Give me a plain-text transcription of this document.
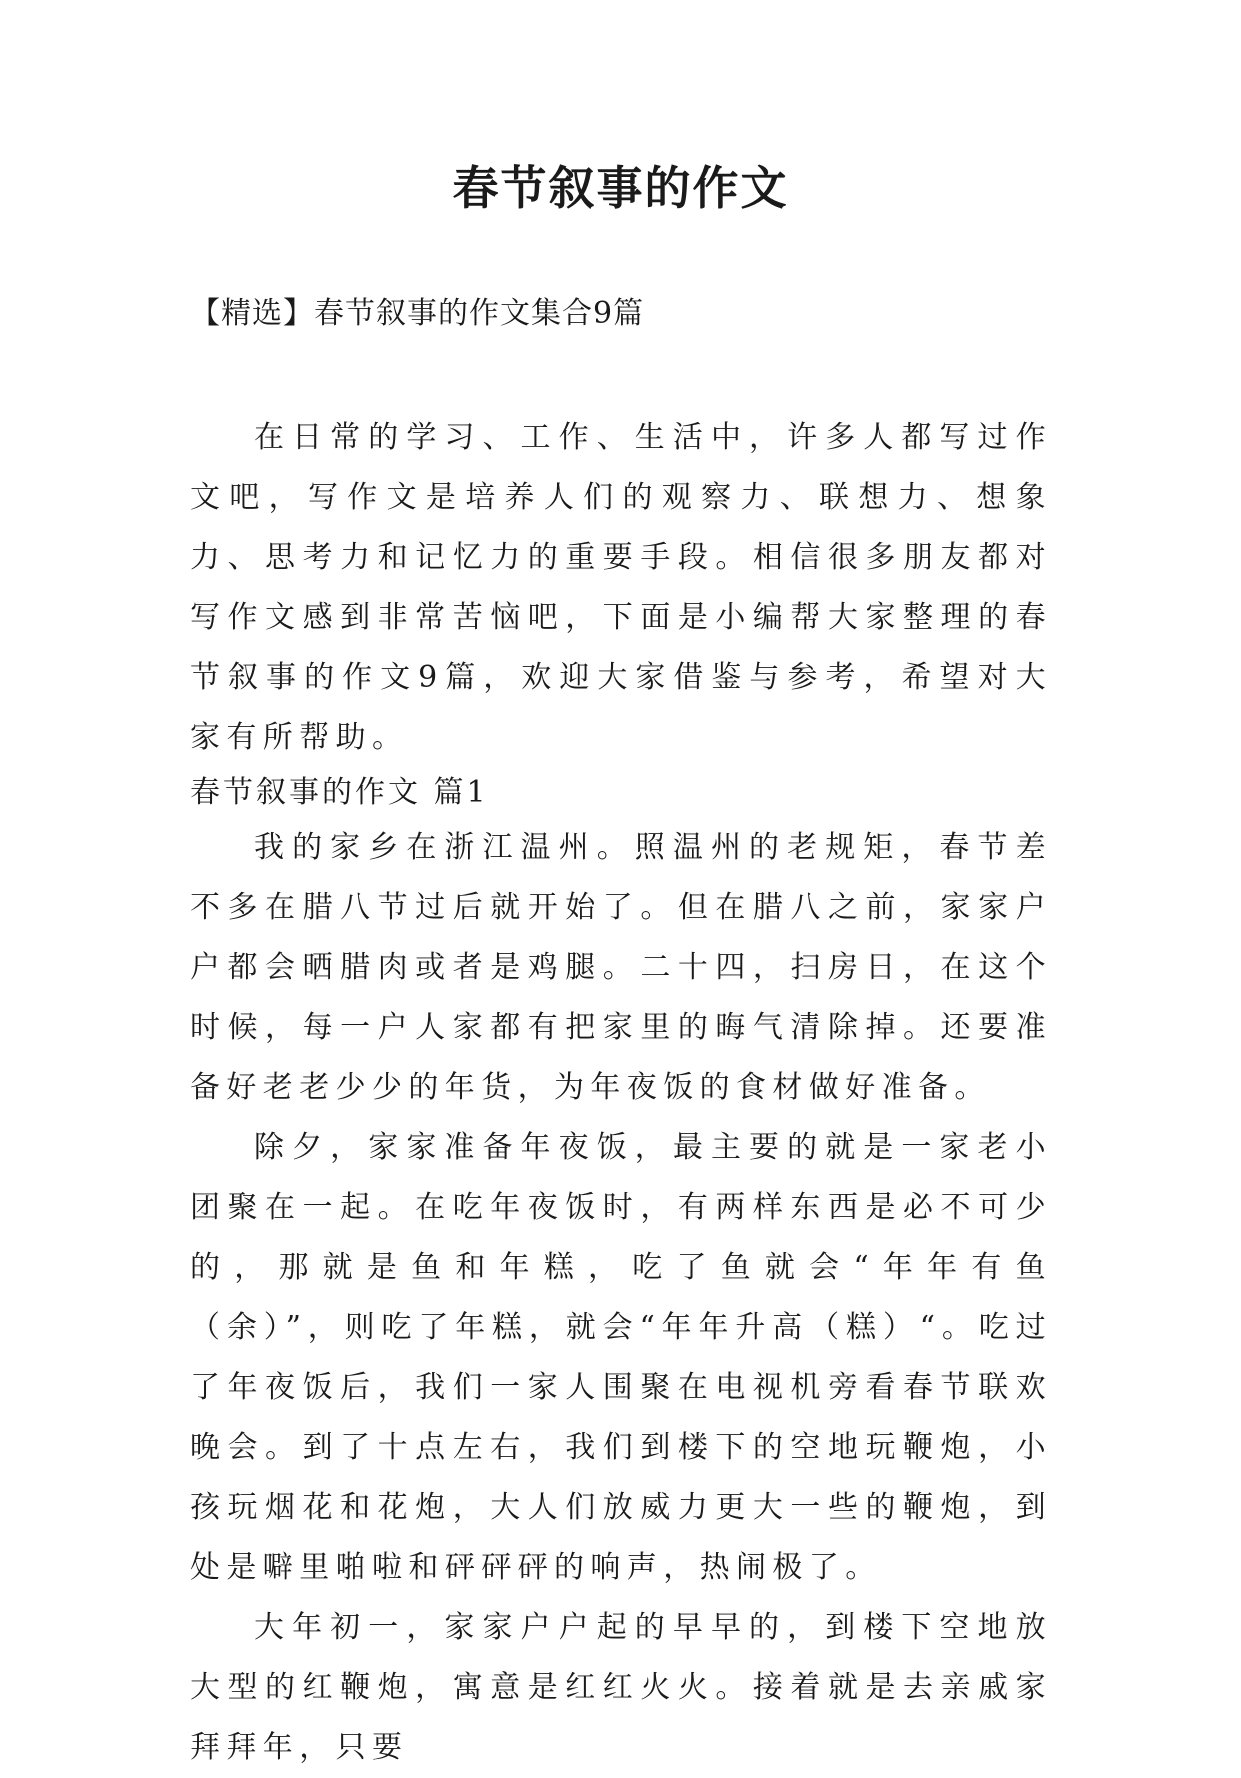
春节叙事的作文

【精选】春节叙事的作文集合9篇

在日常的学习、工作、生活中，许多人都写过作文吧，写作文是培养人们的观察力、联想力、想象力、思考力和记忆力的重要手段。相信很多朋友都对写作文感到非常苦恼吧，下面是小编帮大家整理的春节叙事的作文9篇，欢迎大家借鉴与参考，希望对大家有所帮助。

春节叙事的作文 篇1

我的家乡在浙江温州。照温州的老规矩，春节差不多在腊八节过后就开始了。但在腊八之前，家家户户都会晒腊肉或者是鸡腿。二十四，扫房日，在这个时候，每一户人家都有把家里的晦气清除掉。还要准备好老老少少的年货，为年夜饭的食材做好准备。

除夕，家家准备年夜饭，最主要的就是一家老小团聚在一起。在吃年夜饭时，有两样东西是必不可少的，那就是鱼和年糕，吃了鱼就会“年年有鱼（余）”，则吃了年糕，就会“年年升高（糕）“。吃过了年夜饭后，我们一家人围聚在电视机旁看春节联欢晚会。到了十点左右，我们到楼下的空地玩鞭炮，小孩玩烟花和花炮，大人们放威力更大一些的鞭炮，到处是噼里啪啦和砰砰砰的响声，热闹极了。

大年初一，家家户户起的早早的，到楼下空地放大型的红鞭炮，寓意是红红火火。接着就是去亲戚家拜拜年，只要
